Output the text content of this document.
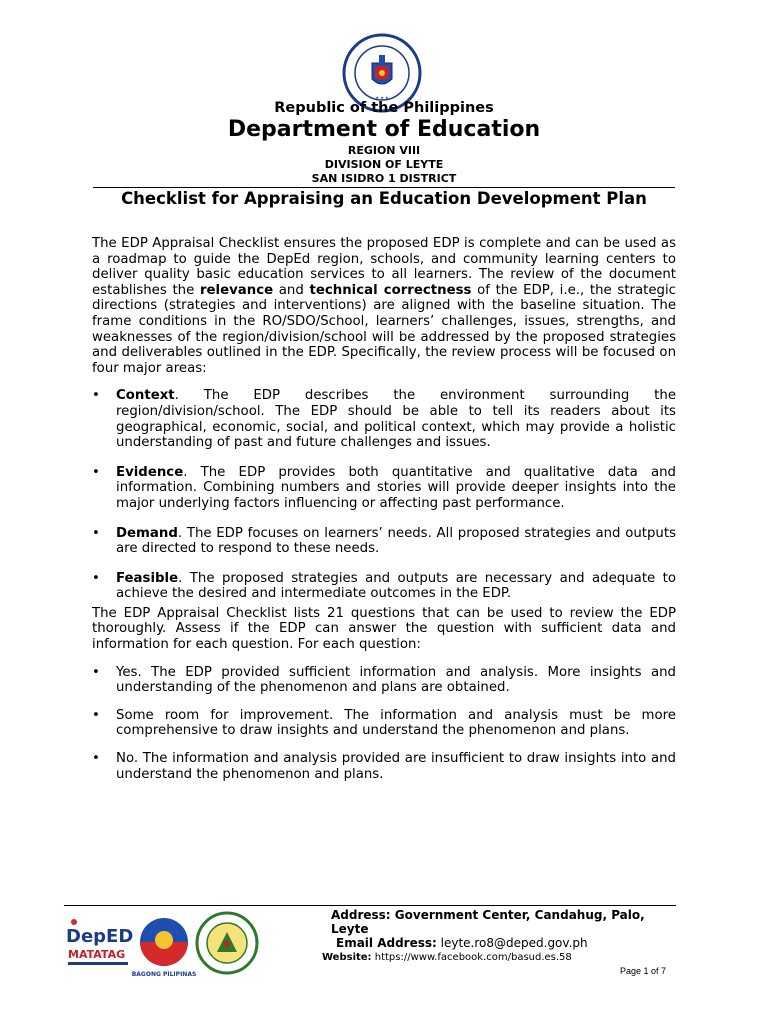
★ ★ ★
Republic of the Philippines
Department of Education
REGION VIII
DIVISION OF LEYTE
SAN ISIDRO 1 DISTRICT
Checklist for Appraising an Education Development Plan

The EDP Appraisal Checklist ensures the proposed EDP is complete and can be used as a roadmap to guide the DepEd region, schools, and community learning centers to deliver quality basic education services to all learners. The review of the document establishes the relevance and technical correctness of the EDP, i.e., the strategic directions (strategies and interventions) are aligned with the baseline situation. The frame conditions in the RO/SDO/School, learners’ challenges, issues, strengths, and weaknesses of the region/division/school will be addressed by the proposed strategies and deliverables outlined in the EDP. Specifically, the review process will be focused on four major areas:

• Context. The EDP describes the environment surrounding the region/division/school. The EDP should be able to tell its readers about its geographical, economic, social, and political context, which may provide a holistic understanding of past and future challenges and issues.
• Evidence. The EDP provides both quantitative and qualitative data and information. Combining numbers and stories will provide deeper insights into the major underlying factors influencing or affecting past performance.
• Demand. The EDP focuses on learners’ needs. All proposed strategies and outputs are directed to respond to these needs.
• Feasible. The proposed strategies and outputs are necessary and adequate to achieve the desired and intermediate outcomes in the EDP.

The EDP Appraisal Checklist lists 21 questions that can be used to review the EDP thoroughly. Assess if the EDP can answer the question with sufficient data and information for each question. For each question:

• Yes. The EDP provided sufficient information and analysis. More insights and understanding of the phenomenon and plans are obtained.
• Some room for improvement. The information and analysis must be more comprehensive to draw insights and understand the phenomenon and plans.
• No. The information and analysis provided are insufficient to draw insights into and understand the phenomenon and plans.
DepED
MATATAG
BAGONG PILIPINAS
Address: Government Center, Candahug, Palo, Leyte
Email Address: leyte.ro8@deped.gov.ph
Website: https://www.facebook.com/basud.es.58
Page 1 of 7
